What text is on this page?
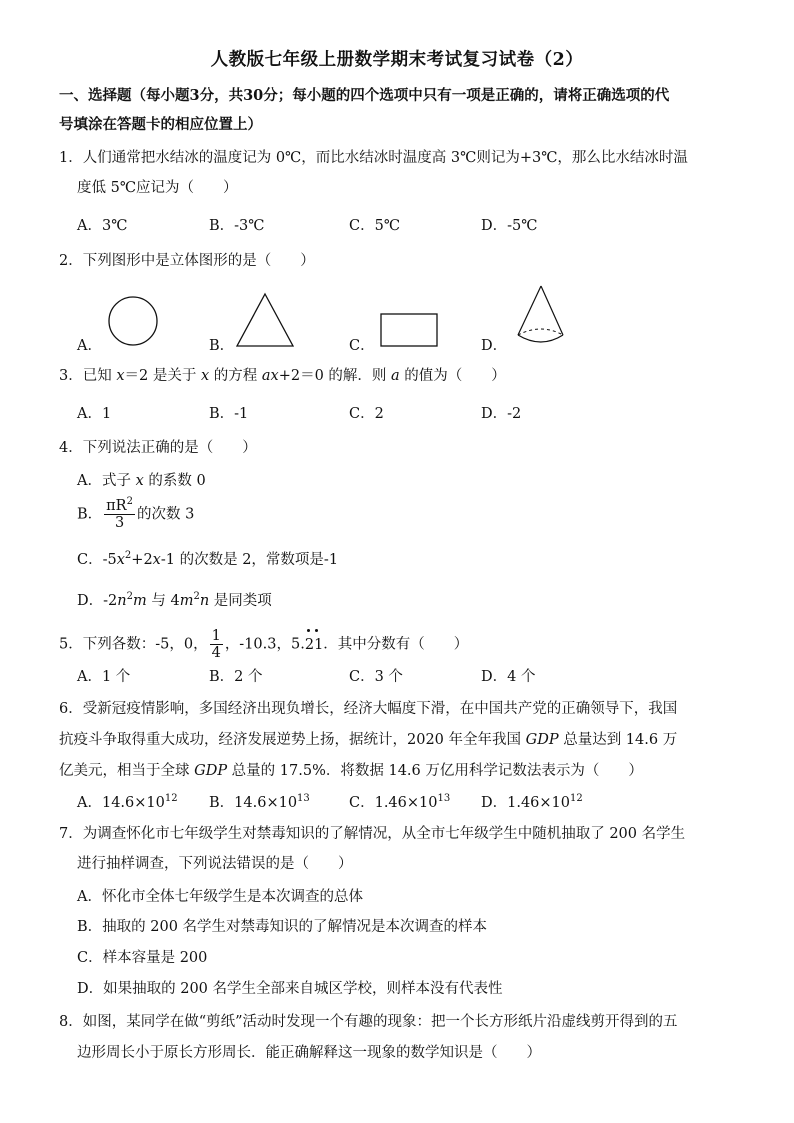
人教版七年级上册数学期末考试复习试卷（2）
一、选择题（每小题3分，共30分；每小题的四个选项中只有一项是正确的，请将正确选项的代
号填涂在答题卡的相应位置上）
1．人们通常把水结冰的温度记为 0℃，而比水结冰时温度高 3℃则记为+3℃，那么比水结冰时温
度低 5℃应记为（　　）
A．3℃	B．-3℃	C．5℃	D．-5℃
2．下列图形中是立体图形的是（　　）
A．	B．	C．	D．
3．已知 x＝2 是关于 x 的方程 ax+2＝0 的解．则 a 的值为（　　）
A．1	B．-1	C．2	D．-2
4．下列说法正确的是（　　）
A．式子 x 的系数 0
B． $\frac{\pi R^2}{3}$ 的次数 3
C．$-5x^2+2x-1$ 的次数是 2，常数项是-1
D．$-2n^2m$ 与 $4m^2n$ 是同类项
5．下列各数：-5，0， $\frac{1}{4}$ ，-10.3，5.
21．其中分数有（　　）
A．1 个	B．2 个	C．3 个	D．4 个
6．受新冠疫情影响，多国经济出现负增长，经济大幅度下滑，在中国共产党的正确领导下，我国
抗疫斗争取得重大成功，经济发展逆势上扬，据统计，2020 年全年我国 GDP 总量达到 14.6 万
亿美元，相当于全球 GDP 总量的 17.5%．将数据 14.6 万亿用科学记数法表示为（　　）
A．$14.6\times 10^{12}$ B．$14.6\times 10^{13}$	C．$1.46\times 10^{13}$ D．$1.46\times 10^{12}$
7．为调查怀化市七年级学生对禁毒知识的了解情况，从全市七年级学生中随机抽取了 200 名学生
进行抽样调查，下列说法错误的是（　　）
A．怀化市全体七年级学生是本次调查的总体
B．抽取的 200 名学生对禁毒知识的了解情况是本次调查的样本
C．样本容量是 200
D．如果抽取的 200 名学生全部来自城区学校，则样本没有代表性
8．如图，某同学在做“剪纸”活动时发现一个有趣的现象：把一个长方形纸片沿虚线剪开得到的五
边形周长小于原长方形周长．能正确解释这一现象的数学知识是（　　）
